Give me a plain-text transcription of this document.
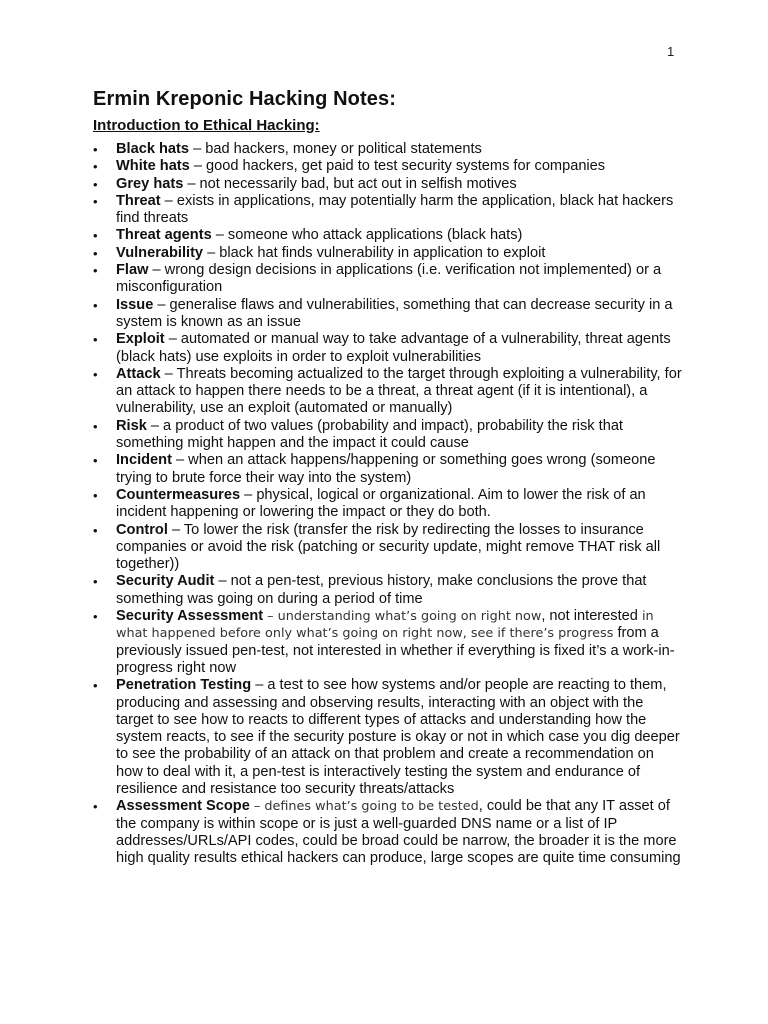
1
Ermin Kreponic Hacking Notes:
Introduction to Ethical Hacking:
• Black hats – bad hackers, money or political statements
• White hats – good hackers, get paid to test security systems for companies
• Grey hats – not necessarily bad, but act out in selfish motives
• Threat – exists in applications, may potentially harm the application, black hat hackers find threats
• Threat agents – someone who attack applications (black hats)
• Vulnerability – black hat finds vulnerability in application to exploit
• Flaw – wrong design decisions in applications (i.e. verification not implemented) or a misconfiguration
• Issue – generalise flaws and vulnerabilities, something that can decrease security in a system is known as an issue
• Exploit – automated or manual way to take advantage of a vulnerability, threat agents (black hats) use exploits in order to exploit vulnerabilities
• Attack – Threats becoming actualized to the target through exploiting a vulnerability, for an attack to happen there needs to be a threat, a threat agent (if it is intentional), a vulnerability, use an exploit (automated or manually)
• Risk – a product of two values (probability and impact), probability the risk that something might happen and the impact it could cause
• Incident – when an attack happens/happening or something goes wrong (someone trying to brute force their way into the system)
• Countermeasures – physical, logical or organizational. Aim to lower the risk of an incident happening or lowering the impact or they do both.
• Control – To lower the risk (transfer the risk by redirecting the losses to insurance companies or avoid the risk (patching or security update, might remove THAT risk all together))
• Security Audit – not a pen-test, previous history, make conclusions the prove that something was going on during a period of time
• Security Assessment – understanding what’s going on right now, not interested in what happened before only what’s going on right now, see if there’s progress from a previously issued pen-test, not interested in whether if everything is fixed it’s a work-in-progress right now
• Penetration Testing – a test to see how systems and/or people are reacting to them, producing and assessing and observing results, interacting with an object with the target to see how to reacts to different types of attacks and understanding how the system reacts, to see if the security posture is okay or not in which case you dig deeper to see the probability of an attack on that problem and create a recommendation on how to deal with it, a pen-test is interactively testing the system and endurance of resilience and resistance too security threats/attacks
• Assessment Scope – defines what’s going to be tested, could be that any IT asset of the company is within scope or is just a well-guarded DNS name or a list of IP addresses/URLs/API codes, could be broad could be narrow, the broader it is the more high quality results ethical hackers can produce, large scopes are quite time consuming
